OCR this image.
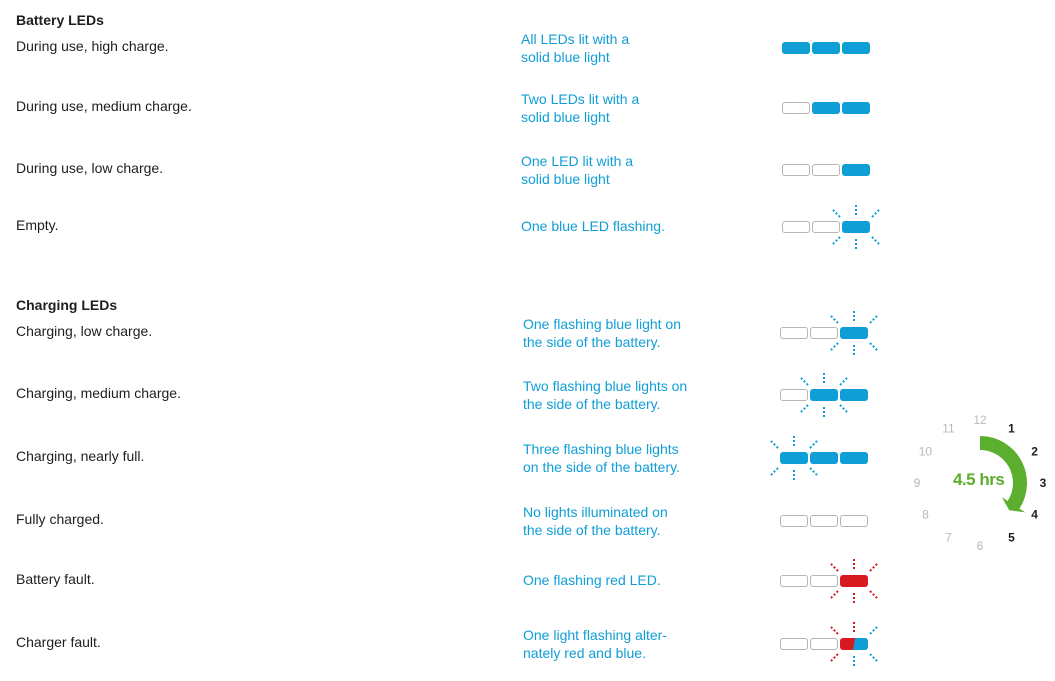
Battery LEDs
During use, high charge.	All LEDs lit with a
solid blue light
During use, medium charge.	Two LEDs lit with a
solid blue light
During use, low charge.	One LED lit with a
solid blue light
Empty.	One blue LED flashing.
Charging LEDs
Charging, low charge.	One flashing blue light on
the side of the battery.
Charging, medium charge.	Two flashing blue lights on
the side of the battery.
Charging, nearly full.	Three flashing blue lights
on the side of the battery.
Fully charged.	No lights illuminated on
the side of the battery.
Battery fault.	One flashing red LED.
Charger fault.	One light flashing alter-
nately red and blue.
12
1
2
3
4
5
6
7
8
9
10
11
4.5 hrs
